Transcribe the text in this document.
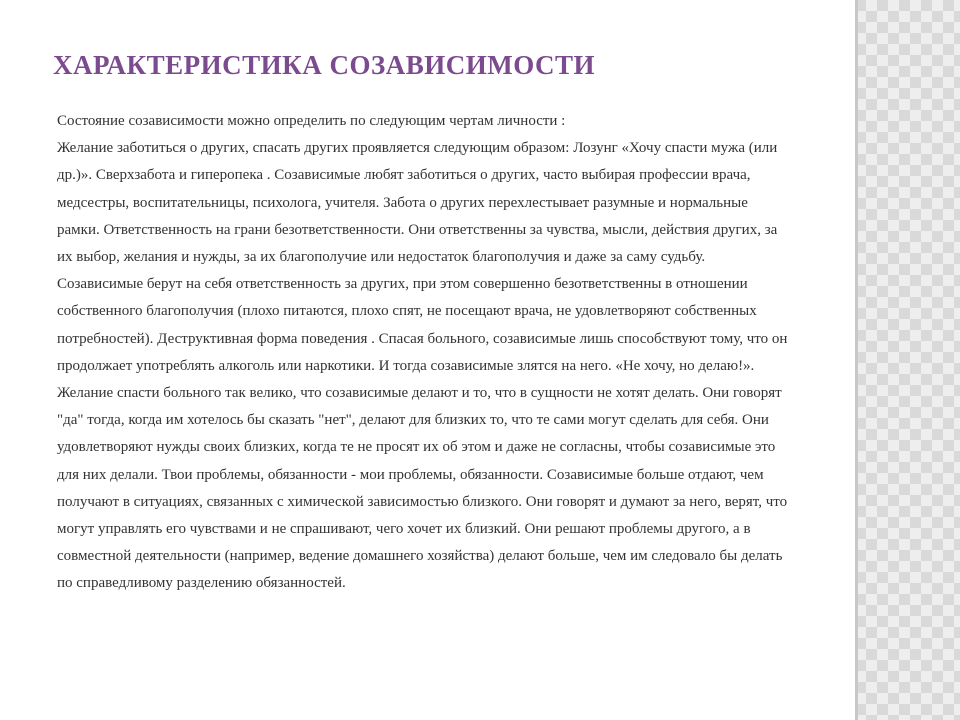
ХАРАКТЕРИСТИКА СОЗАВИСИМОСТИ

Состояние созависимости можно определить по следующим чертам личности :

Желание заботиться о других, спасать других проявляется следующим образом: Лозунг «Хочу спасти мужа (или др.)». Сверхзабота и гиперопека . Созависимые любят заботиться о других, часто выбирая профессии врача, медсестры, воспитательницы, психолога, учителя. Забота о других перехлестывает разумные и нормальные рамки. Ответственность на грани безответственности. Они ответственны за чувства, мысли, действия других, за их выбор, желания и нужды, за их благополучие или недостаток благополучия и даже за саму судьбу. Созависимые берут на себя ответственность за других, при этом совершенно безответственны в отношении собственного благополучия (плохо питаются, плохо спят, не посещают врача, не удовлетворяют собственных потребностей). Деструктивная форма поведения . Спасая больного, созависимые лишь способствуют тому, что он продолжает употреблять алкоголь или наркотики. И тогда созависимые злятся на него. «Не хочу, но делаю!». Желание спасти больного так велико, что созависимые делают и то, что в сущности не хотят делать. Они говорят "да" тогда, когда им хотелось бы сказать "нет", делают для близких то, что те сами могут сделать для себя. Они удовлетворяют нужды своих близких, когда те не просят их об этом и даже не согласны, чтобы созависимые это для них делали. Твои проблемы, обязанности - мои проблемы, обязанности. Созависимые больше отдают, чем получают в ситуациях, связанных с химической зависимостью близкого. Они говорят и думают за него, верят, что могут управлять его чувствами и не спрашивают, чего хочет их близкий. Они решают проблемы другого, а в совместной деятельности (например, ведение домашнего хозяйства) делают больше, чем им следовало бы делать по справедливому разделению обязанностей.
